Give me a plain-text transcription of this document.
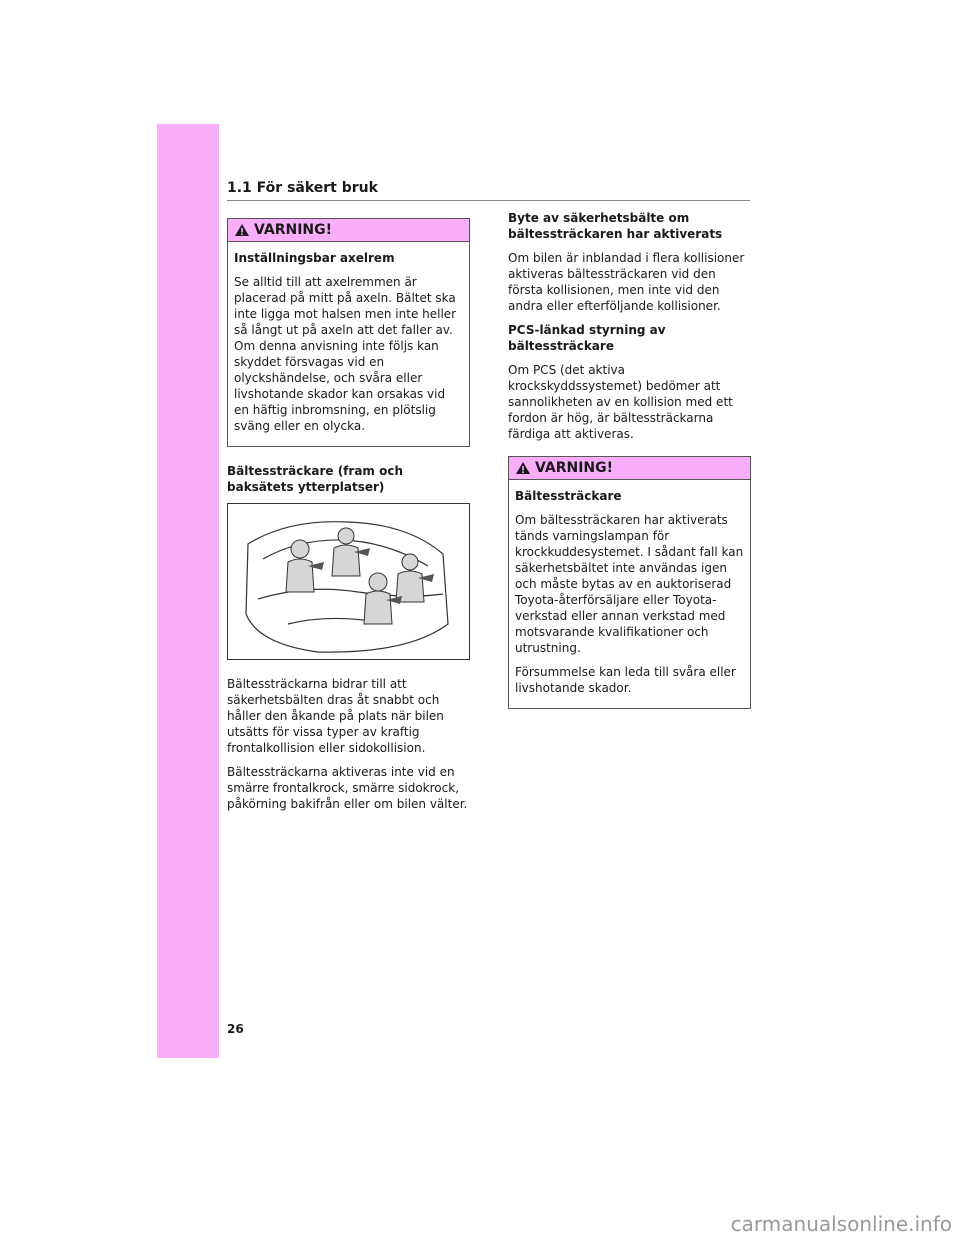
1.1 För säkert bruk
VARNING!
Inställningsbar axelrem

Se alltid till att axelremmen är placerad på mitt på axeln. Bältet ska inte ligga mot halsen men inte heller så långt ut på axeln att det faller av. Om denna anvisning inte följs kan skyddet försvagas vid en olyckshändelse, och svåra eller livshotande skador kan orsakas vid en häftig inbromsning, en plötslig sväng eller en olycka.

Bältessträckare (fram och baksätets ytterplatser)

Bältessträckarna bidrar till att säkerhetsbälten dras åt snabbt och håller den åkande på plats när bilen utsätts för vissa typer av kraftig frontalkollision eller sidokollision.

Bältessträckarna aktiveras inte vid en smärre frontalkrock, smärre sidokrock, påkörning bakifrån eller om bilen välter.

Byte av säkerhetsbälte om bältessträckaren har aktiverats

Om bilen är inblandad i flera kollisioner aktiveras bältessträckaren vid den första kollisionen, men inte vid den andra eller efterföljande kollisioner.

PCS-länkad styrning av bältessträckare

Om PCS (det aktiva krockskyddssystemet) bedömer att sannolikheten av en kollision med ett fordon är hög, är bältessträckarna färdiga att aktiveras.

VARNING!
Bältessträckare

Om bältessträckaren har aktiverats tänds varningslampan för krockkuddesystemet. I sådant fall kan säkerhetsbältet inte användas igen och måste bytas av en auktoriserad Toyota-återförsäljare eller Toyota-verkstad eller annan verkstad med motsvarande kvalifikationer och utrustning.

Försummelse kan leda till svåra eller livshotande skador.

26
carmanualsonline.info
